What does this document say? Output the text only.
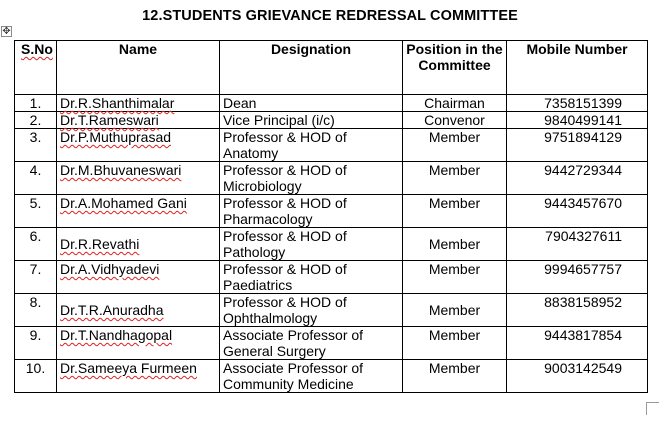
12.STUDENTS GRIEVANCE REDRESSAL COMMITTEE
✥
S.No	Name	Designation	Position in the Committee	Mobile Number
1.	Dr.R.Shanthimalar	Dean	Chairman	7358151399
2.	Dr.T.Rameswari	Vice Principal (i/c)	Convenor	9840499141
3.	Dr.P.Muthuprasad	Professor & HOD of Anatomy	Member	9751894129
4.	Dr.M.Bhuvaneswari	Professor & HOD of Microbiology	Member	9442729344
5.	Dr.A.Mohamed Gani	Professor & HOD of Pharmacology	Member	9443457670
6.	Dr.R.Revathi	Professor & HOD of Pathology	Member	7904327611
7.	Dr.A.Vidhyadevi	Professor & HOD of Paediatrics	Member	9994657757
8.	Dr.T.R.Anuradha	Professor & HOD of Ophthalmology	Member	8838158952
9.	Dr.T.Nandhagopal	Associate Professor of General Surgery	Member	9443817854
10.	Dr.Sameeya Furmeen	Associate Professor of Community Medicine	Member	9003142549
